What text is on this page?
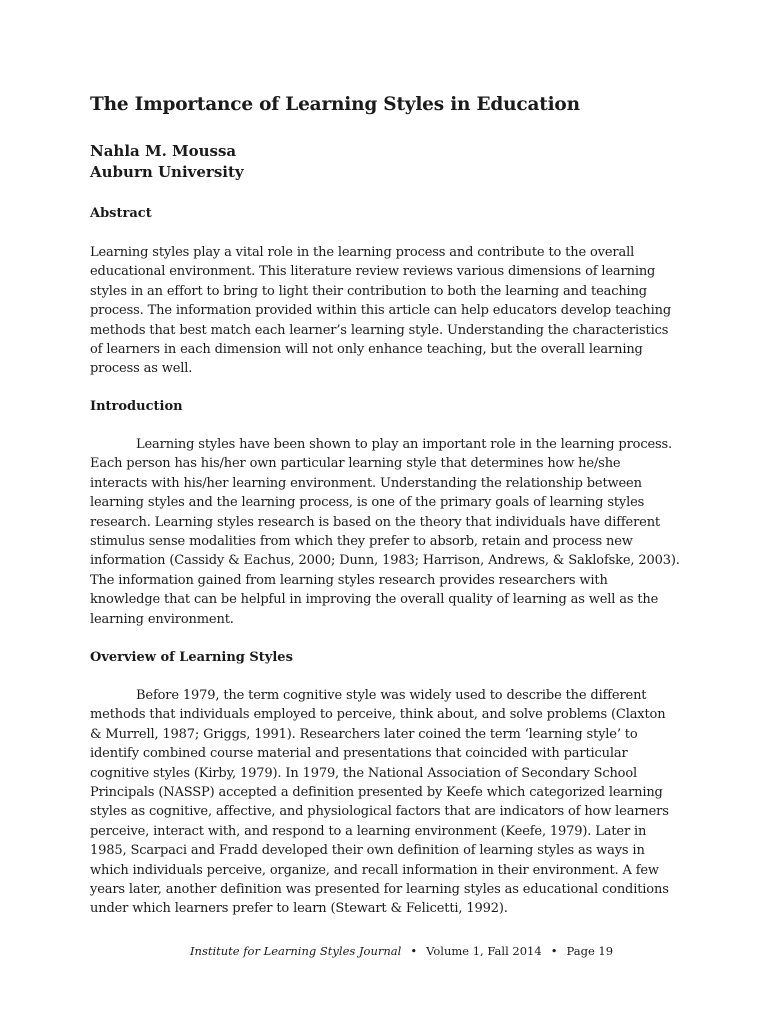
The Importance of Learning Styles in Education

Nahla M. Moussa

Auburn University

Abstract

Learning styles play a vital role in the learning process and contribute to the overall educational environment. This literature review reviews various dimensions of learning styles in an effort to bring to light their contribution to both the learning and teaching process. The information provided within this article can help educators develop teaching methods that best match each learner’s learning style. Understanding the characteristics of learners in each dimension will not only enhance teaching, but the overall learning process as well.

Introduction

Learning styles have been shown to play an important role in the learning process. Each person has his/her own particular learning style that determines how he/she interacts with his/her learning environment. Understanding the relationship between learning styles and the learning process, is one of the primary goals of learning styles research. Learning styles research is based on the theory that individuals have different stimulus sense modalities from which they prefer to absorb, retain and process new information (Cassidy & Eachus, 2000; Dunn, 1983; Harrison, Andrews, & Saklofske, 2003). The information gained from learning styles research provides researchers with knowledge that can be helpful in improving the overall quality of learning as well as the learning environment.

Overview of Learning Styles

Before 1979, the term cognitive style was widely used to describe the different methods that individuals employed to perceive, think about, and solve problems (Claxton & Murrell, 1987; Griggs, 1991). Researchers later coined the term ‘learning style’ to identify combined course material and presentations that coincided with particular cognitive styles (Kirby, 1979). In 1979, the National Association of Secondary School Principals (NASSP) accepted a definition presented by Keefe which categorized learning styles as cognitive, affective, and physiological factors that are indicators of how learners perceive, interact with, and respond to a learning environment (Keefe, 1979). Later in 1985, Scarpaci and Fradd developed their own definition of learning styles as ways in which individuals perceive, organize, and recall information in their environment. A few years later, another definition was presented for learning styles as educational conditions under which learners prefer to learn (Stewart & Felicetti, 1992).

Institute for Learning Styles Journal • Volume 1, Fall 2014 • Page 19
